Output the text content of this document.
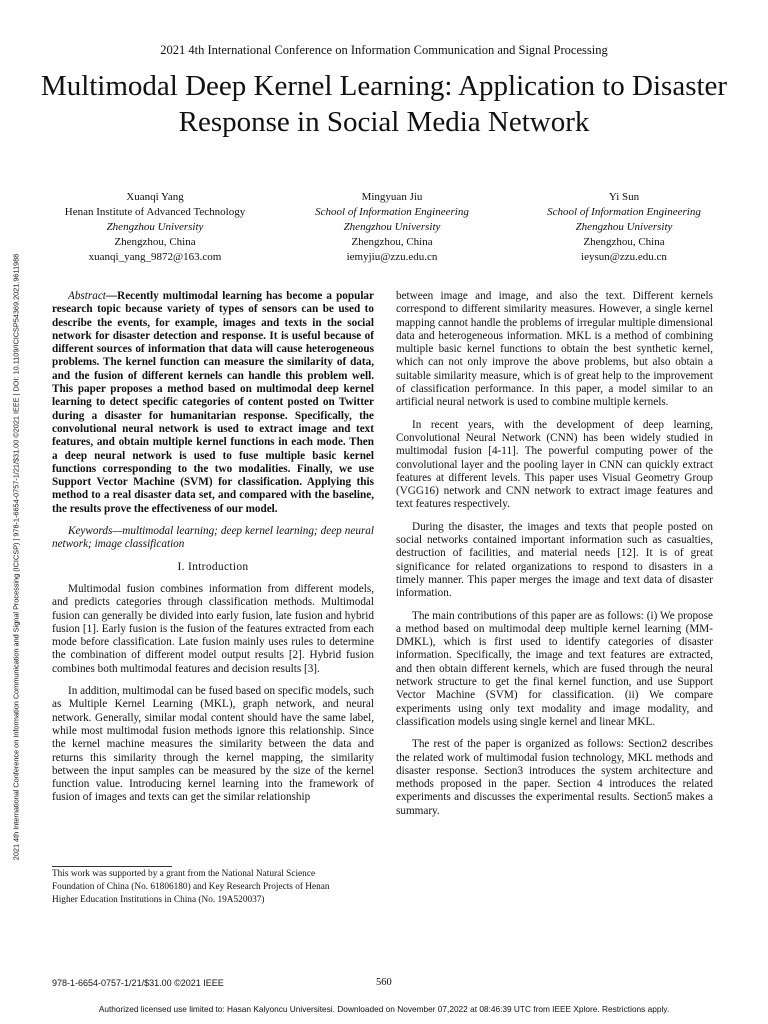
2021 4th International Conference on Information Communication and Signal Processing
Multimodal Deep Kernel Learning: Application to Disaster Response in Social Media Network
2021 4th International Conference on Information Communication and Signal Processing (ICICSP) | 978-1-6654-0757-1/21/$31.00 ©2021 IEEE | DOI: 10.1109/ICICSP54369.2021.9611988
Xuanqi Yang
Henan Institute of Advanced Technology
Zhengzhou University
Zhengzhou, China
xuanqi_yang_9872@163.com
Mingyuan Jiu
School of Information Engineering
Zhengzhou University
Zhengzhou, China
iemyjiu@zzu.edu.cn
Yi Sun
School of Information Engineering
Zhengzhou University
Zhengzhou, China
ieysun@zzu.edu.cn

Abstract—Recently multimodal learning has become a popular research topic because variety of types of sensors can be used to describe the events, for example, images and texts in the social network for disaster detection and response. It is useful because of different sources of information that data will cause heterogeneous problems. The kernel function can measure the similarity of data, and the fusion of different kernels can handle this problem well. This paper proposes a method based on multimodal deep kernel learning to detect specific categories of content posted on Twitter during a disaster for humanitarian response. Specifically, the convolutional neural network is used to extract image and text features, and obtain multiple kernel functions in each mode. Then a deep neural network is used to fuse multiple basic kernel functions corresponding to the two modalities. Finally, we use Support Vector Machine (SVM) for classification. Applying this method to a real disaster data set, and compared with the baseline, the results prove the effectiveness of our model.

Keywords—multimodal learning; deep kernel learning; deep neural network; image classification

I. Introduction

Multimodal fusion combines information from different models, and predicts categories through classification methods. Multimodal fusion can generally be divided into early fusion, late fusion and hybrid fusion [1]. Early fusion is the fusion of the features extracted from each mode before classification. Late fusion mainly uses rules to determine the combination of different model output results [2]. Hybrid fusion combines both multimodal features and decision results [3].

In addition, multimodal can be fused based on specific models, such as Multiple Kernel Learning (MKL), graph network, and neural network. Generally, similar modal content should have the same label, while most multimodal fusion methods ignore this relationship. Since the kernel machine measures the similarity between the data and returns this similarity through the kernel mapping, the similarity between the input samples can be measured by the size of the kernel function value. Introducing kernel learning into the framework of fusion of images and texts can get the similar relationship

This work was supported by a grant from the National Natural Science
Foundation of China (No. 61806180) and Key Research Projects of Henan
Higher Education Institutions in China (No. 19A520037)

between image and image, and also the text. Different kernels correspond to different similarity measures. However, a single kernel mapping cannot handle the problems of irregular multiple dimensional data and heterogeneous information. MKL is a method of combining multiple basic kernel functions to obtain the best synthetic kernel, which can not only improve the above problems, but also obtain a suitable similarity measure, which is of great help to the improvement of classification performance. In this paper, a model similar to an artificial neural network is used to combine multiple kernels.

In recent years, with the development of deep learning, Convolutional Neural Network (CNN) has been widely studied in multimodal fusion [4-11]. The powerful computing power of the convolutional layer and the pooling layer in CNN can quickly extract features at different levels. This paper uses Visual Geometry Group (VGG16) network and CNN network to extract image features and text features respectively.

During the disaster, the images and texts that people posted on social networks contained important information such as casualties, destruction of facilities, and material needs [12]. It is of great significance for related organizations to respond to disasters in a timely manner. This paper merges the image and text data of disaster information.

The main contributions of this paper are as follows: (i) We propose a method based on multimodal deep multiple kernel learning (MM-DMKL), which is first used to identify categories of disaster information. Specifically, the image and text features are extracted, and then obtain different kernels, which are fused through the neural network structure to get the final kernel function, and use Support Vector Machine (SVM) for classification. (ii) We compare experiments using only text modality and image modality, and classification models using single kernel and linear MKL.

The rest of the paper is organized as follows: Section2 describes the related work of multimodal fusion technology, MKL methods and disaster response. Section3 introduces the system architecture and methods proposed in the paper. Section 4 introduces the related experiments and discusses the experimental results. Section5 makes a summary.

978-1-6654-0757-1/21/$31.00 ©2021 IEEE	560
Authorized licensed use limited to: Hasan Kalyoncu Universitesi. Downloaded on November 07,2022 at 08:46:39 UTC from IEEE Xplore. Restrictions apply.
